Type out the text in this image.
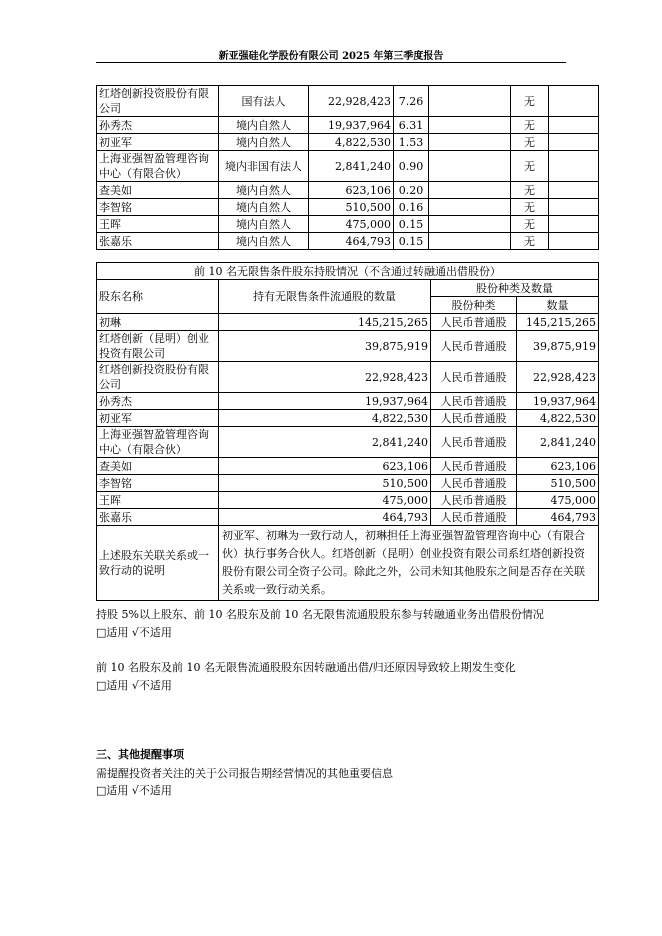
新亚强硅化学股份有限公司 2025 年第三季度报告
红塔创新投资股份有限公司	国有法人	22,928,423	7.26		无	
孙秀杰	境内自然人	19,937,964	6.31		无	
初亚军	境内自然人	4,822,530	1.53		无	
上海亚强智盈管理咨询中心（有限合伙）	境内非国有法人	2,841,240	0.90		无	
查美如	境内自然人	623,106	0.20		无	
李智铭	境内自然人	510,500	0.16		无	
王晖	境内自然人	475,000	0.15		无	
张嘉乐	境内自然人	464,793	0.15		无	
前 10 名无限售条件股东持股情况（不含通过转融通出借股份）			
股东名称	持有无限售条件流通股的数量	股份种类及数量	
		股份种类	数量
初琳	145,215,265	人民币普通股	145,215,265
红塔创新（昆明）创业投资有限公司	39,875,919	人民币普通股	39,875,919
红塔创新投资股份有限公司	22,928,423	人民币普通股	22,928,423
孙秀杰	19,937,964	人民币普通股	19,937,964
初亚军	4,822,530	人民币普通股	4,822,530
上海亚强智盈管理咨询中心（有限合伙）	2,841,240	人民币普通股	2,841,240
查美如	623,106	人民币普通股	623,106
李智铭	510,500	人民币普通股	510,500
王晖	475,000	人民币普通股	475,000
张嘉乐	464,793	人民币普通股	464,793
上述股东关联关系或一致行动的说明	初亚军、初琳为一致行动人，初琳担任上海亚强智盈管理咨询中心（有限合伙）执行事务合伙人。红塔创新（昆明）创业投资有限公司系红塔创新投资股份有限公司全资子公司。除此之外，公司未知其他股东之间是否存在关联关系或一致行动关系。		
持股 5%以上股东、前 10 名股东及前 10 名无限售流通股股东参与转融通业务出借股份情况
□适用 √不适用
前 10 名股东及前 10 名无限售流通股股东因转融通出借/归还原因导致较上期发生变化
□适用 √不适用
三、其他提醒事项
需提醒投资者关注的关于公司报告期经营情况的其他重要信息
□适用 √不适用
